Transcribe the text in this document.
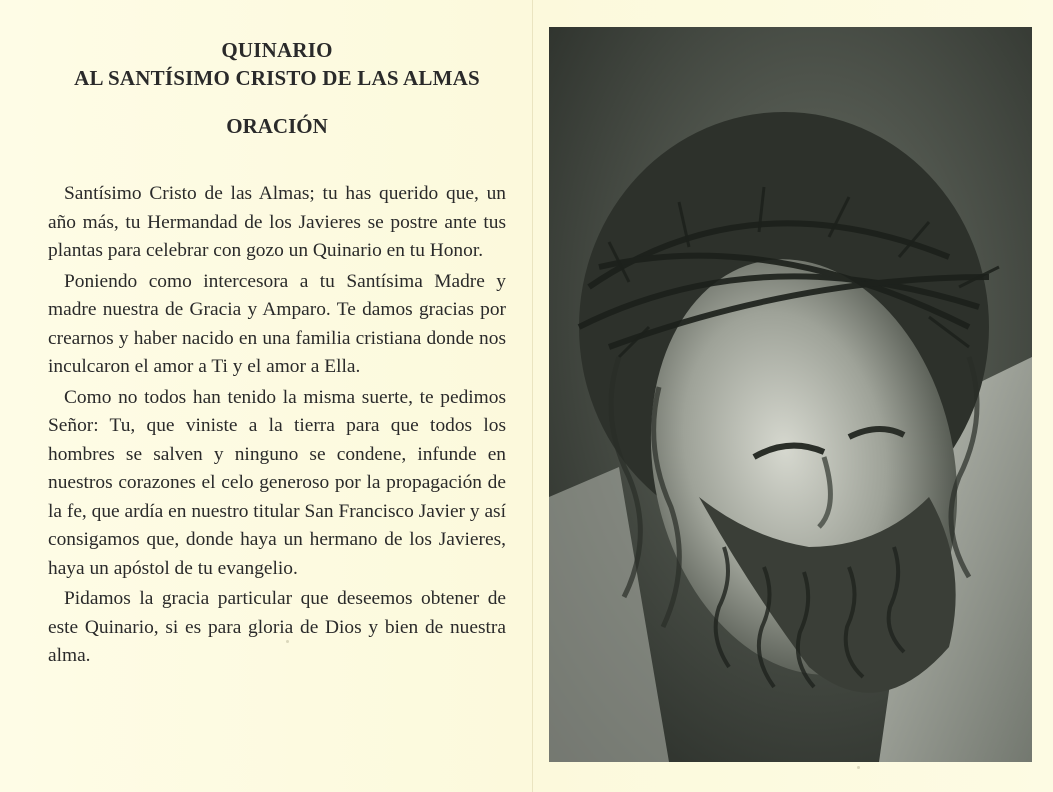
QUINARIO
AL SANTÍSIMO CRISTO DE LAS ALMAS
ORACIÓN

Santísimo Cristo de las Almas; tu has querido que, un año más, tu Hermandad de los Javieres se postre ante tus plantas para celebrar con gozo un Quinario en tu Honor.

Poniendo como intercesora a tu Santísima Madre y madre nuestra de Gracia y Amparo. Te damos gracias por crearnos y haber nacido en una familia cristiana donde nos inculcaron el amor a Ti y el amor a Ella.

Como no todos han tenido la misma suerte, te pedimos Señor: Tu, que viniste a la tierra para que todos los hombres se salven y ninguno se condene, infunde en nuestros corazones el celo generoso por la propagación de la fe, que ardía en nuestro titular San Francisco Javier y así consigamos que, donde haya un hermano de los Javieres, haya un apóstol de tu evangelio.

Pidamos la gracia particular que deseemos obtener de este Quinario, si es para gloria de Dios y bien de nuestra alma.
